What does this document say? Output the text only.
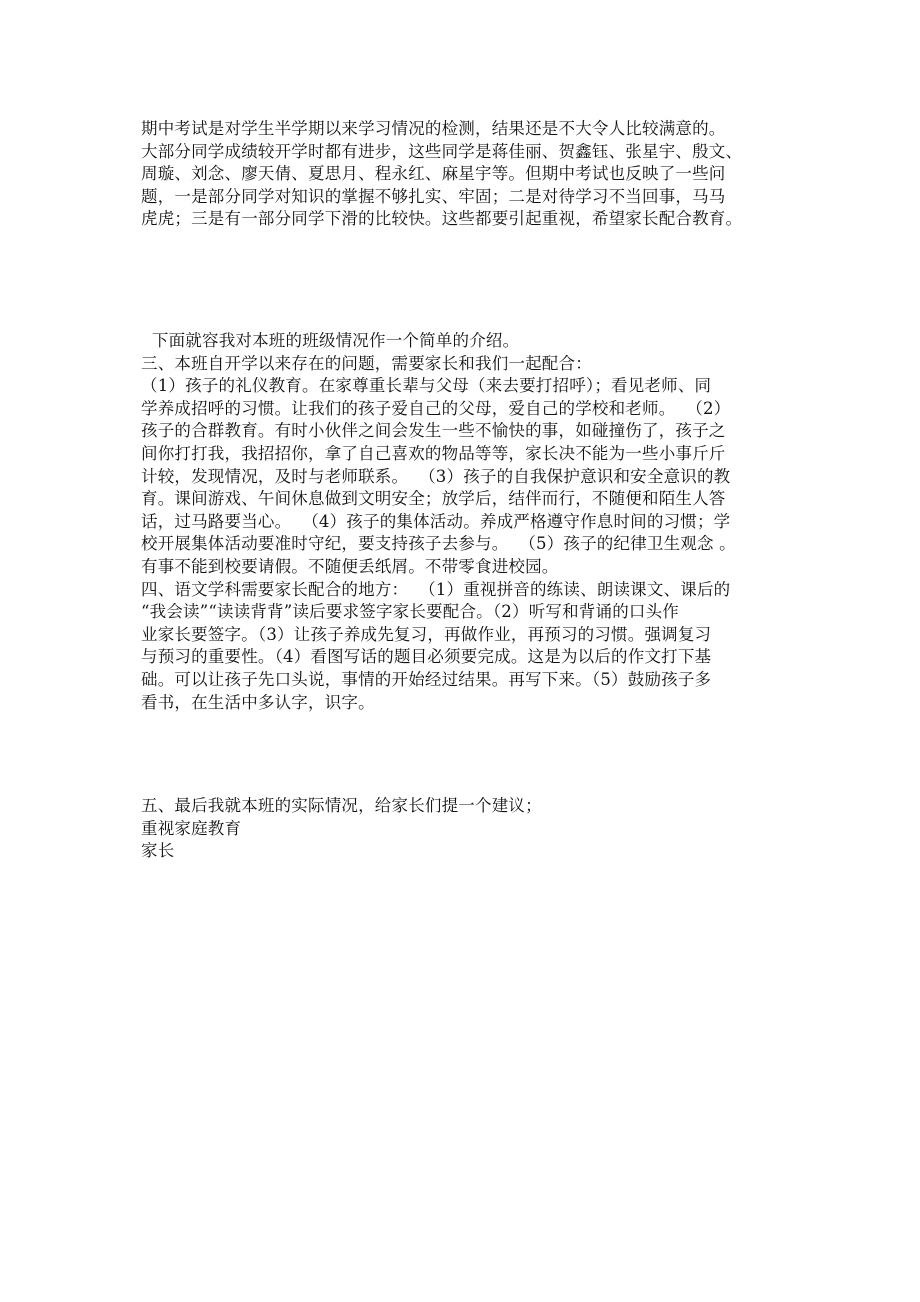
期中考试是对学生半学期以来学习情况的检测，结果还是不大令人比较满意的。

大部分同学成绩较开学时都有进步，这些同学是蒋佳丽、贺鑫钰、张星宇、殷文、

周璇、刘念、廖天倩、夏思月、程永红、麻星宇等。但期中考试也反映了一些问

题，一是部分同学对知识的掌握不够扎实、牢固；二是对待学习不当回事，马马

虎虎；三是有一部分同学下滑的比较快。这些都要引起重视，希望家长配合教育。

下面就容我对本班的班级情况作一个简单的介绍。

三、本班自开学以来存在的问题，需要家长和我们一起配合：

（1）孩子的礼仪教育。在家尊重长辈与父母（来去要打招呼）；看见老师、同

学养成招呼的习惯。让我们的孩子爱自己的父母，爱自己的学校和老师。  （2）

孩子的合群教育。有时小伙伴之间会发生一些不愉快的事，如碰撞伤了，孩子之

间你打打我，我招招你，拿了自己喜欢的物品等等，家长决不能为一些小事斤斤

计较，发现情况，及时与老师联系。  （3）孩子的自我保护意识和安全意识的教

育。课间游戏、午间休息做到文明安全；放学后，结伴而行，不随便和陌生人答

话，过马路要当心。  （4）孩子的集体活动。养成严格遵守作息时间的习惯；学

校开展集体活动要准时守纪，要支持孩子去参与。  （5）孩子的纪律卫生观念 。

有事不能到校要请假。不随便丢纸屑。不带零食进校园。

四、语文学科需要家长配合的地方：  （1）重视拼音的练读、朗读课文、课后的

“我会读”“读读背背”读后要求签字家长要配合。（2）听写和背诵的口头作

业家长要签字。（3）让孩子养成先复习，再做作业，再预习的习惯。强调复习

与预习的重要性。（4）看图写话的题目必须要完成。这是为以后的作文打下基

础。可以让孩子先口头说，事情的开始经过结果。再写下来。（5）鼓励孩子多

看书，在生活中多认字，识字。

五、最后我就本班的实际情况，给家长们提一个建议；

重视家庭教育

家长
